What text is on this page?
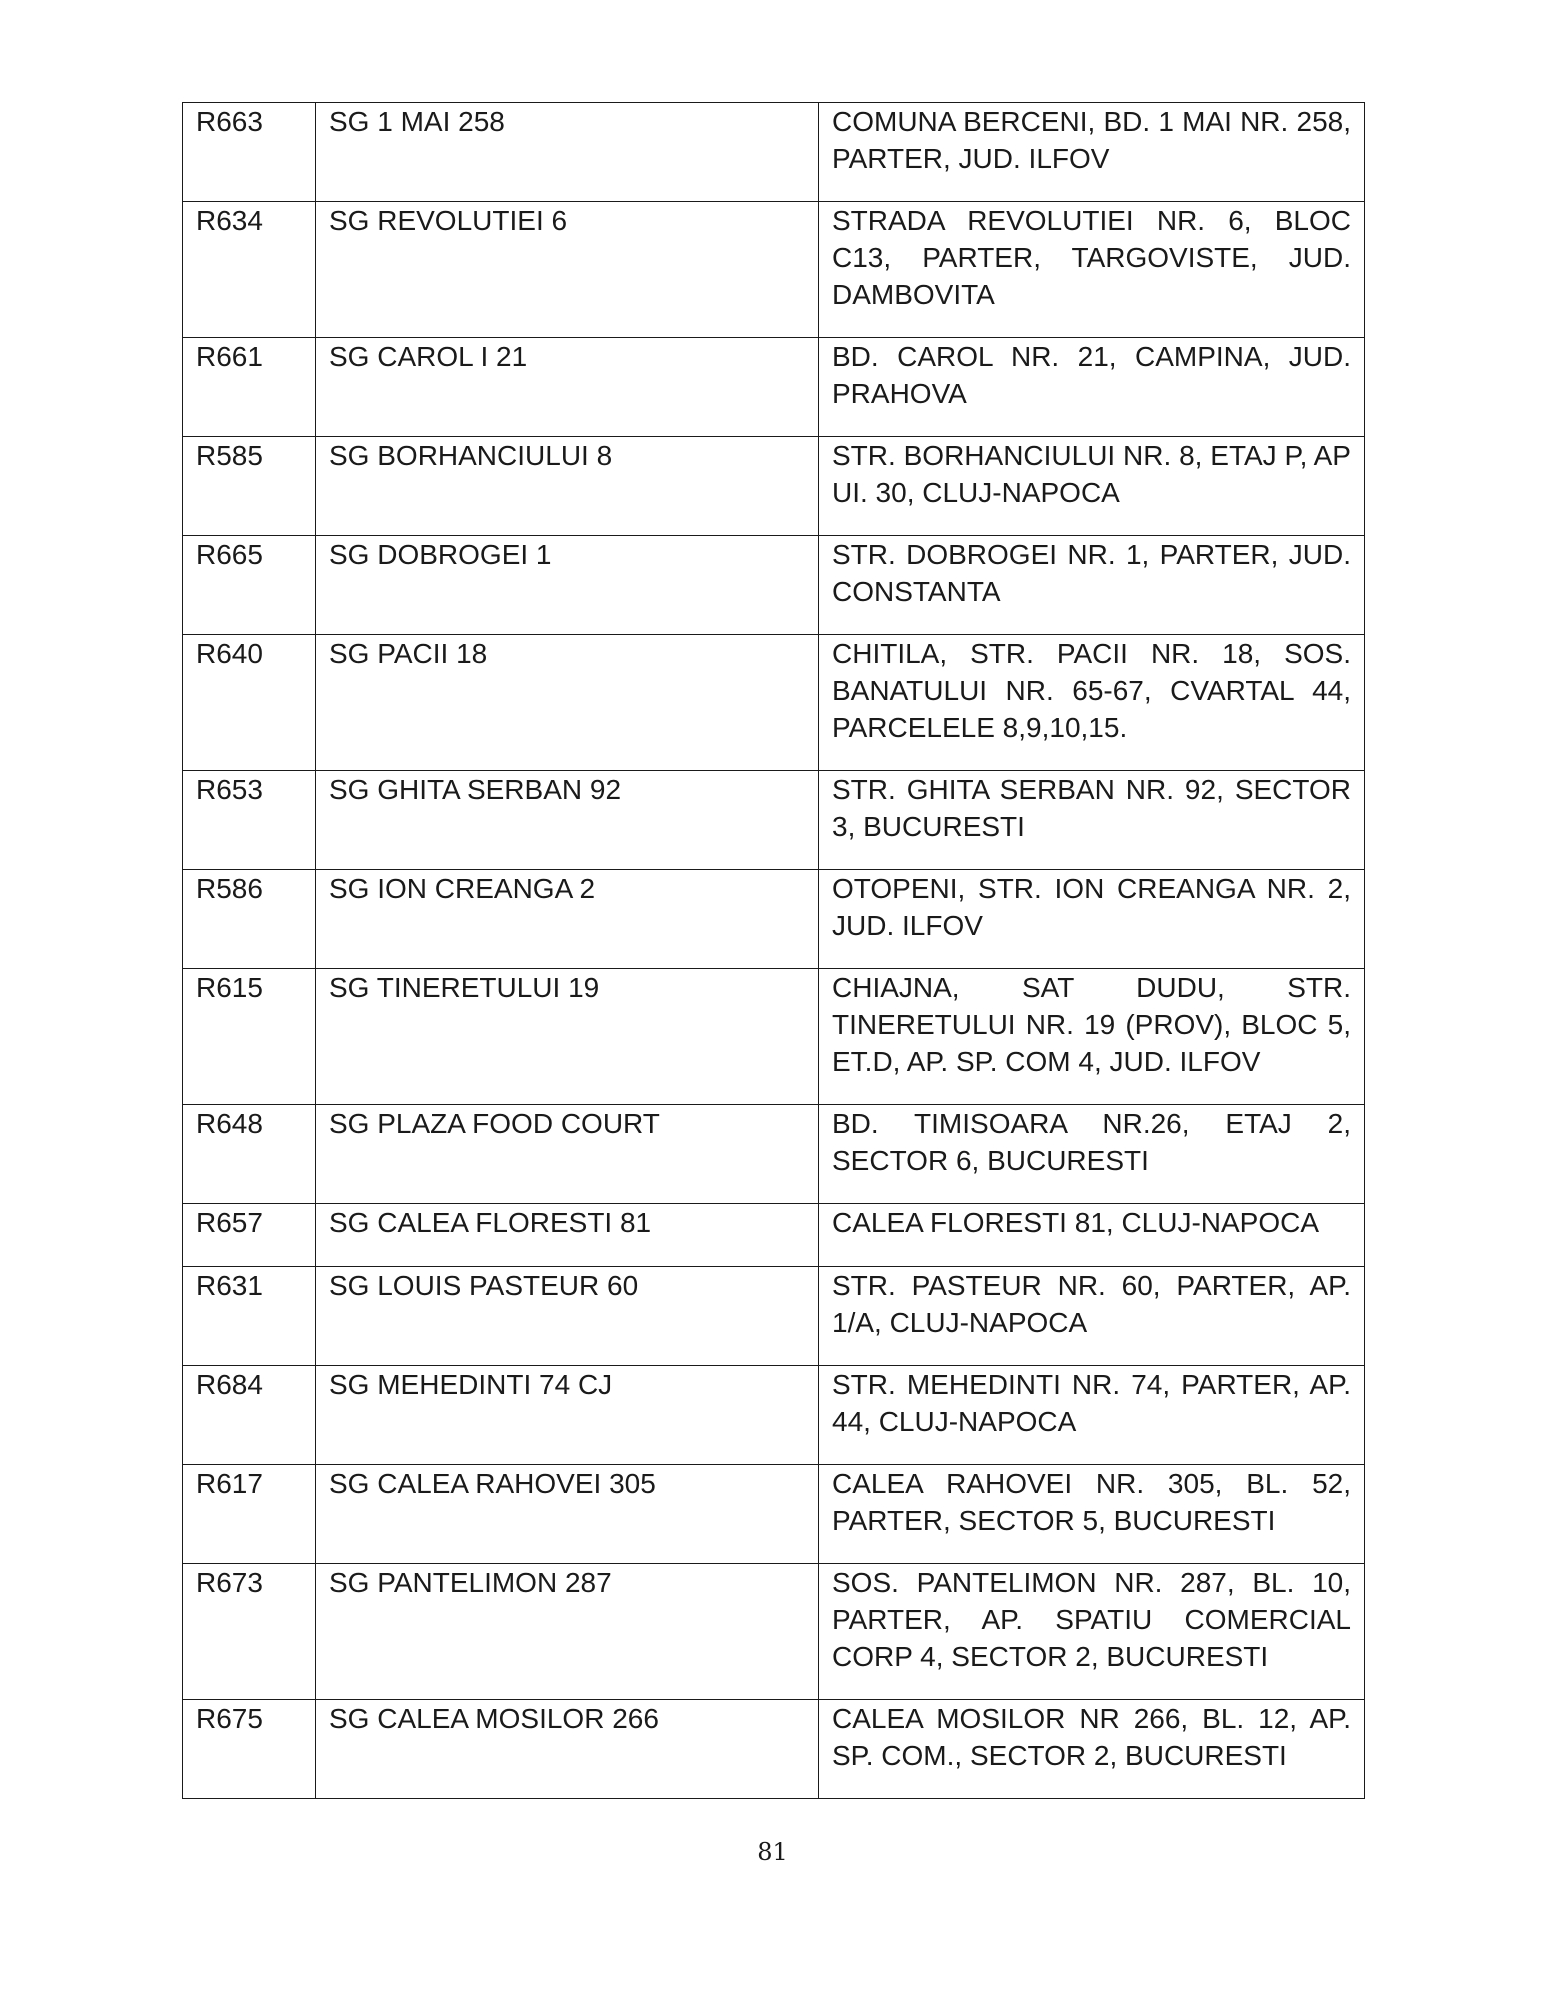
R663	SG 1 MAI 258	COMUNA BERCENI, BD. 1 MAI NR. 258, PARTER, JUD. ILFOV
R634	SG REVOLUTIEI 6	STRADA REVOLUTIEI NR. 6, BLOC C13, PARTER, TARGOVISTE, JUD. DAMBOVITA
R661	SG CAROL I 21	BD. CAROL NR. 21, CAMPINA, JUD. PRAHOVA
R585	SG BORHANCIULUI 8	STR. BORHANCIULUI NR. 8, ETAJ P, AP UI. 30, CLUJ-NAPOCA
R665	SG DOBROGEI 1	STR. DOBROGEI NR. 1, PARTER, JUD. CONSTANTA
R640	SG PACII 18	CHITILA, STR. PACII NR. 18, SOS. BANATULUI NR. 65-67, CVARTAL 44, PARCELELE 8,9,10,15.
R653	SG GHITA SERBAN 92	STR. GHITA SERBAN NR. 92, SECTOR 3, BUCURESTI
R586	SG ION CREANGA 2	OTOPENI, STR. ION CREANGA NR. 2, JUD. ILFOV
R615	SG TINERETULUI 19	CHIAJNA, SAT DUDU, STR. TINERETULUI NR. 19 (PROV), BLOC 5, ET.D, AP. SP. COM 4, JUD. ILFOV
R648	SG PLAZA FOOD COURT	BD. TIMISOARA NR.26, ETAJ 2, SECTOR 6, BUCURESTI
R657	SG CALEA FLORESTI 81	CALEA FLORESTI 81, CLUJ-NAPOCA
R631	SG LOUIS PASTEUR 60	STR. PASTEUR NR. 60, PARTER, AP. 1/A, CLUJ-NAPOCA
R684	SG MEHEDINTI 74 CJ	STR. MEHEDINTI NR. 74, PARTER, AP. 44, CLUJ-NAPOCA
R617	SG CALEA RAHOVEI 305	CALEA RAHOVEI NR. 305, BL. 52, PARTER, SECTOR 5, BUCURESTI
R673	SG PANTELIMON 287	SOS. PANTELIMON NR. 287, BL. 10, PARTER, AP. SPATIU COMERCIAL CORP 4, SECTOR 2, BUCURESTI
R675	SG CALEA MOSILOR 266	CALEA MOSILOR NR 266, BL. 12, AP. SP. COM., SECTOR 2, BUCURESTI
81
